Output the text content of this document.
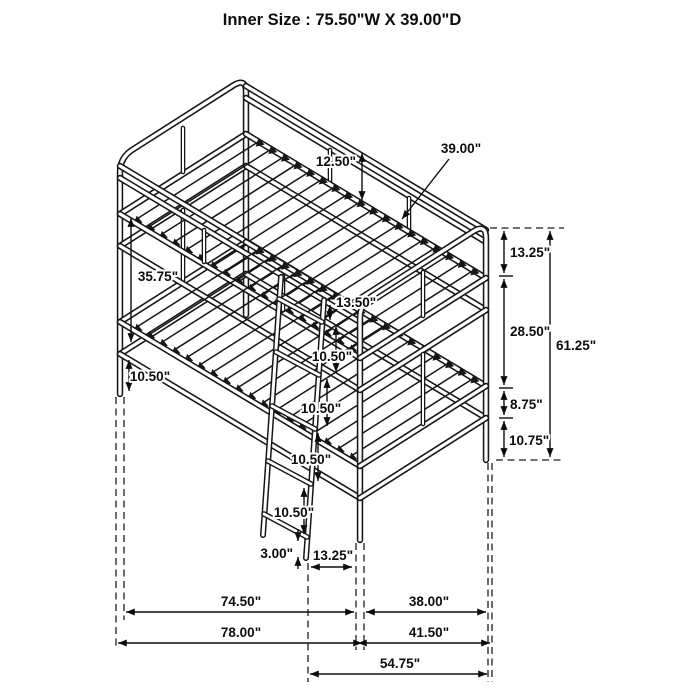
Inner Size : 75.50"W X 39.00"D
12.50"
39.00"
35.75"
13.50"
13.25"
28.50"
61.25"
8.75"
10.75"
10.50"
10.50"
10.50"
10.50"
10.50"
3.00" 13.25"
74.50"	38.00"
78.00"	41.50"
54.75"
